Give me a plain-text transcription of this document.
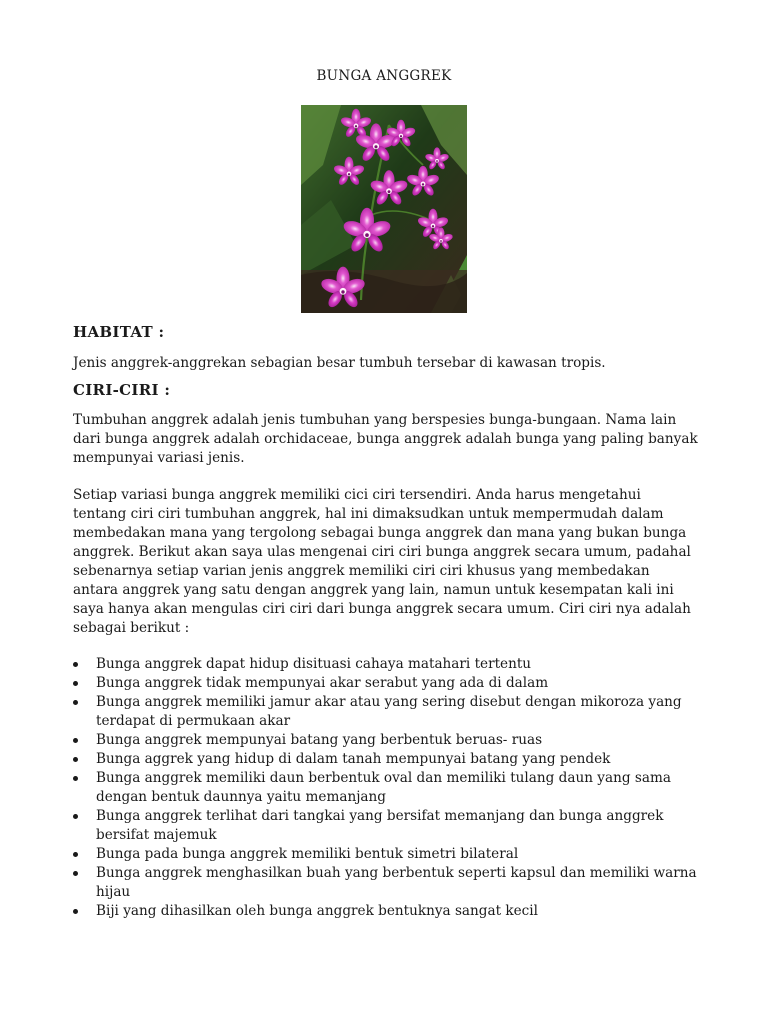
BUNGA ANGGREK
HABITAT :
Jenis anggrek-anggrekan sebagian besar tumbuh tersebar di kawasan tropis.
CIRI-CIRI :
Tumbuhan anggrek adalah jenis tumbuhan yang berspesies bunga-bungaan. Nama lain dari bunga anggrek adalah orchidaceae, bunga anggrek adalah bunga yang paling banyak mempunyai variasi jenis.
Setiap variasi bunga anggrek memiliki cici ciri tersendiri. Anda harus mengetahui tentang ciri ciri tumbuhan anggrek, hal ini dimaksudkan untuk mempermudah dalam membedakan mana yang tergolong sebagai bunga anggrek dan mana yang bukan bunga anggrek. Berikut akan saya ulas mengenai ciri ciri bunga anggrek secara umum, padahal sebenarnya setiap varian jenis anggrek memiliki ciri ciri khusus yang membedakan antara anggrek yang satu dengan anggrek yang lain, namun untuk kesempatan kali ini saya hanya akan mengulas ciri ciri dari bunga anggrek secara umum. Ciri ciri nya adalah sebagai berikut :
Bunga anggrek dapat hidup disituasi cahaya matahari tertentu
Bunga anggrek tidak mempunyai akar serabut yang ada di dalam
Bunga anggrek memiliki jamur akar atau yang sering disebut dengan mikoroza yang terdapat di permukaan akar
Bunga anggrek mempunyai batang yang berbentuk beruas- ruas
Bunga aggrek yang hidup di dalam tanah mempunyai batang yang pendek
Bunga anggrek memiliki daun berbentuk oval dan memiliki tulang daun yang sama dengan bentuk daunnya yaitu memanjang
Bunga anggrek terlihat dari tangkai yang bersifat memanjang dan bunga anggrek bersifat majemuk
Bunga pada bunga anggrek memiliki bentuk simetri bilateral
Bunga anggrek menghasilkan buah yang berbentuk seperti kapsul dan memiliki warna hijau
Biji yang dihasilkan oleh bunga anggrek bentuknya sangat kecil
